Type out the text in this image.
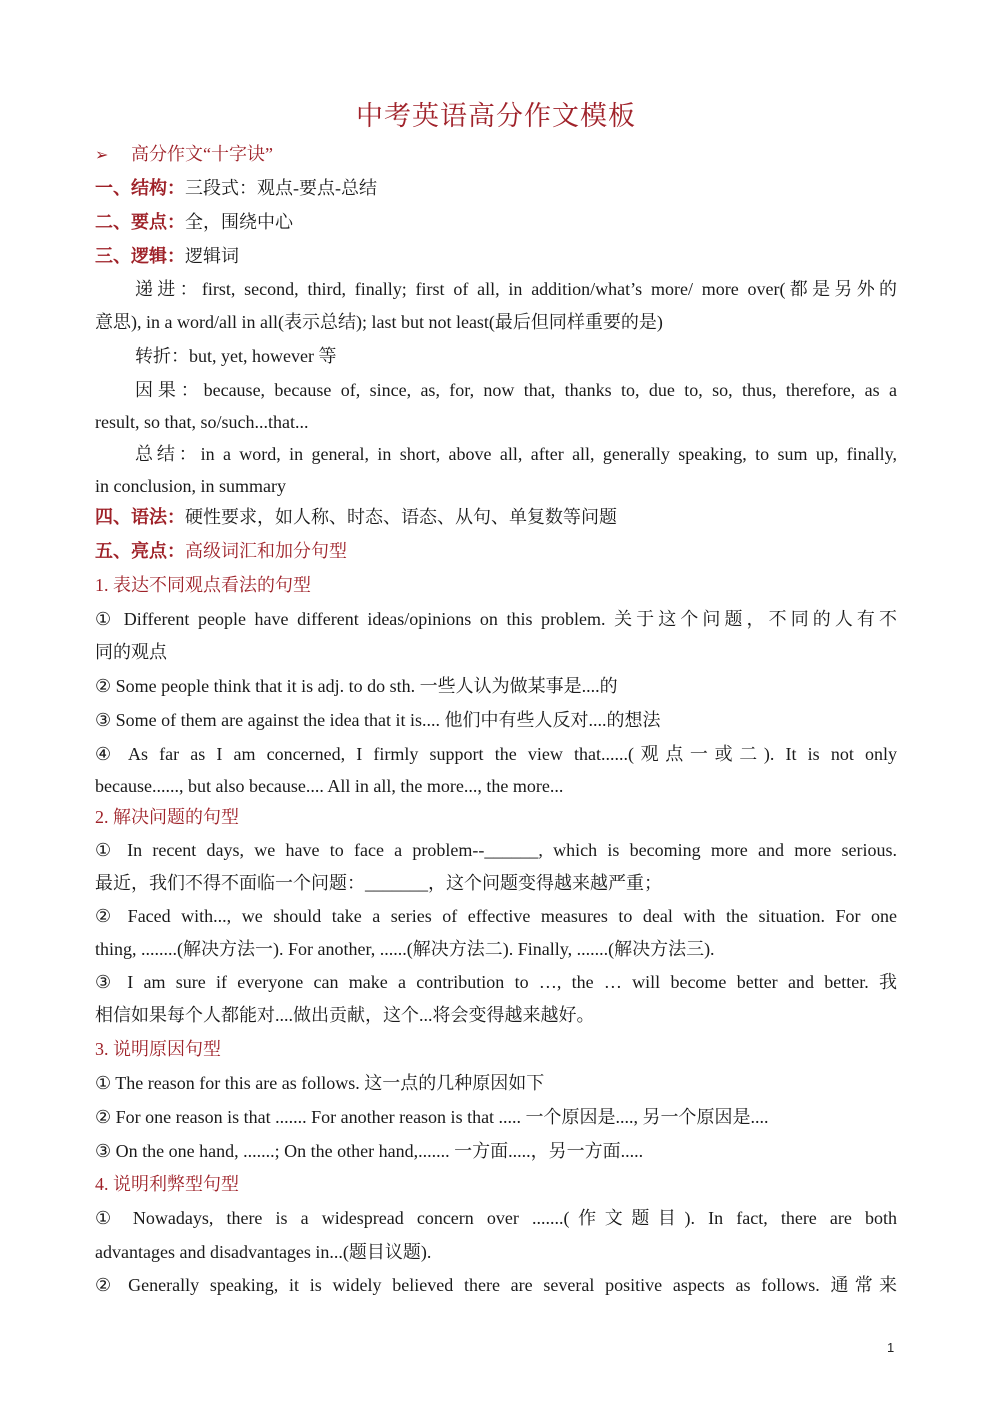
中考英语高分作文模板
➢ 高分作文“十字诀”
一、结构：三段式：观点-要点-总结
二、要点：全，围绕中心
三、逻辑：逻辑词
递进：first, second, third, finally; first of all, in addition/what’s more/ more over(都是另外的
意思), in a word/all in all(表示总结); last but not least(最后但同样重要的是)
转折：but, yet, however 等
因果：because, because of, since, as, for, now that, thanks to, due to, so, thus, therefore, as a
result, so that, so/such...that...
总结：in a word, in general, in short, above all, after all, generally speaking, to sum up, finally,
in conclusion, in summary
四、语法：硬性要求，如人称、时态、语态、从句、单复数等问题
五、亮点：高级词汇和加分句型
1. 表达不同观点看法的句型
① Different people have different ideas/opinions on this problem. 关于这个问题，不同的人有不
同的观点
② Some people think that it is adj. to do sth. 一些人认为做某事是....的
③ Some of them are against the idea that it is.... 他们中有些人反对....的想法
④ As far as I am concerned, I firmly support the view that......(观点一或二). It is not only
because......, but also because.... All in all, the more..., the more...
2. 解决问题的句型
① In recent days, we have to face a problem--______, which is becoming more and more serious.
最近，我们不得不面临一个问题：_______，这个问题变得越来越严重；
② Faced with..., we should take a series of effective measures to deal with the situation. For one
thing, ........(解决方法一). For another, ......(解决方法二). Finally, .......(解决方法三).
③ I am sure if everyone can make a contribution to …, the … will become better and better. 我
相信如果每个人都能对....做出贡献，这个...将会变得越来越好。
3. 说明原因句型
① The reason for this are as follows. 这一点的几种原因如下
② For one reason is that ....... For another reason is that ..... 一个原因是...., 另一个原因是....
③ On the one hand, .......; On the other hand,....... 一方面.....，另一方面.....
4. 说明利弊型句型
① Nowadays, there is a widespread concern over .......(作文题目). In fact, there are both
advantages and disadvantages in...(题目议题).
② Generally speaking, it is widely believed there are several positive aspects as follows. 通常来
1
